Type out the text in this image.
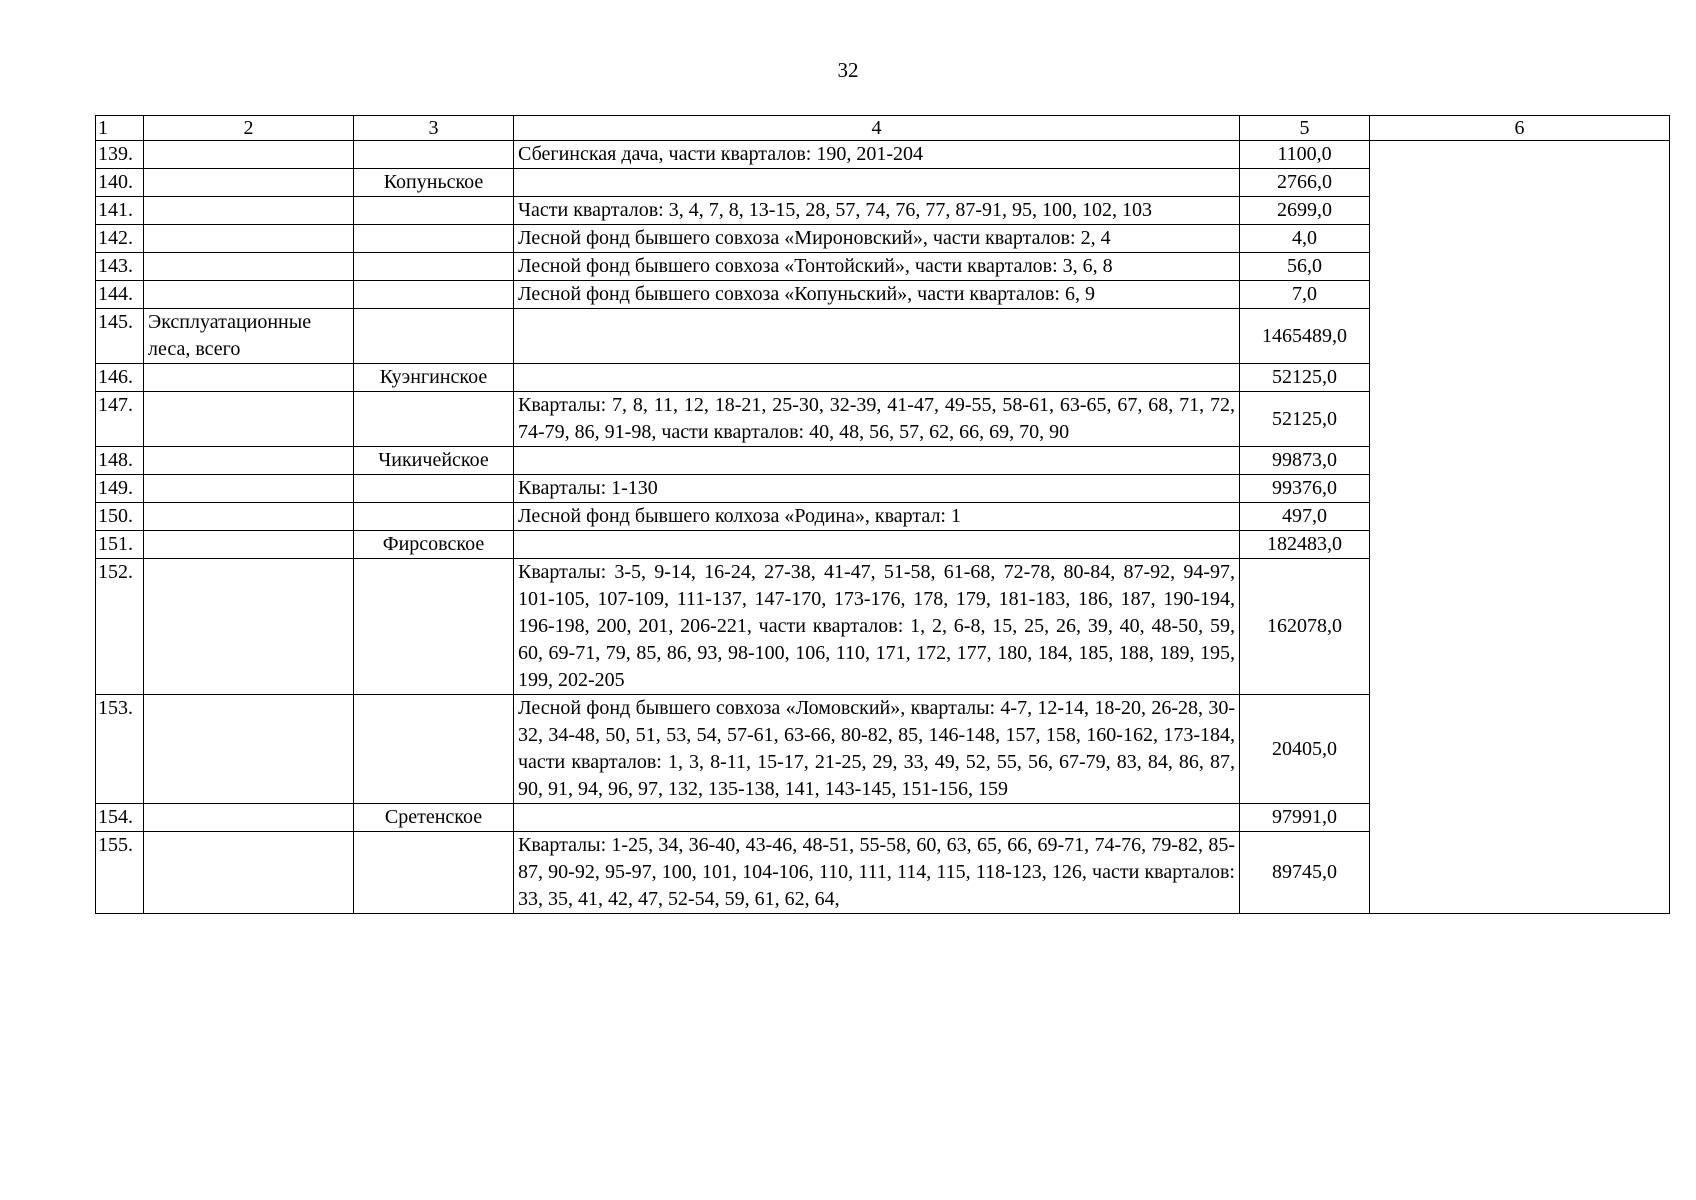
32
1	2	3	4	5	6
139.			Сбегинская дача, части кварталов: 190, 201-204	1100,0	
140.		Копуньское		2766,0	
141.			Части кварталов: 3, 4, 7, 8, 13-15, 28, 57, 74, 76, 77, 87-91, 95, 100, 102, 103	2699,0	
142.			Лесной фонд бывшего совхоза «Мироновский», части кварталов: 2, 4	4,0	
143.			Лесной фонд бывшего совхоза «Тонтойский», части кварталов: 3, 6, 8	56,0	
144.			Лесной фонд бывшего совхоза «Копуньский», части кварталов: 6, 9	7,0	
145.	Эксплуатационные леса, всего			1465489,0	
146.		Куэнгинское		52125,0	
147.			Кварталы: 7, 8, 11, 12, 18-21, 25-30, 32-39, 41-47, 49-55, 58-61, 63-65, 67, 68, 71, 72, 74-79, 86, 91-98, части кварталов: 40, 48, 56, 57, 62, 66, 69, 70, 90	52125,0	
148.		Чикичейское		99873,0	
149.			Кварталы: 1-130	99376,0	
150.			Лесной фонд бывшего колхоза «Родина», квартал: 1	497,0	
151.		Фирсовское		182483,0	
152.			Кварталы: 3-5, 9-14, 16-24, 27-38, 41-47, 51-58, 61-68, 72-78, 80-84, 87-92, 94-97, 101-105, 107-109, 111-137, 147-170, 173-176, 178, 179, 181-183, 186, 187, 190-194, 196-198, 200, 201, 206-221, части кварталов: 1, 2, 6-8, 15, 25, 26, 39, 40, 48-50, 59, 60, 69-71, 79, 85, 86, 93, 98-100, 106, 110, 171, 172, 177, 180, 184, 185, 188, 189, 195, 199, 202-205	162078,0	
153.			Лесной фонд бывшего совхоза «Ломовский», кварталы: 4-7, 12-14, 18-20, 26-28, 30-32, 34-48, 50, 51, 53, 54, 57-61, 63-66, 80-82, 85, 146-148, 157, 158, 160-162, 173-184, части кварталов: 1, 3, 8-11, 15-17, 21-25, 29, 33, 49, 52, 55, 56, 67-79, 83, 84, 86, 87, 90, 91, 94, 96, 97, 132, 135-138, 141, 143-145, 151-156, 159	20405,0	
154.		Сретенское		97991,0	
155.			Кварталы: 1-25, 34, 36-40, 43-46, 48-51, 55-58, 60, 63, 65, 66, 69-71, 74-76, 79-82, 85-87, 90-92, 95-97, 100, 101, 104-106, 110, 111, 114, 115, 118-123, 126, части кварталов: 33, 35, 41, 42, 47, 52-54, 59, 61, 62, 64,	89745,0	
